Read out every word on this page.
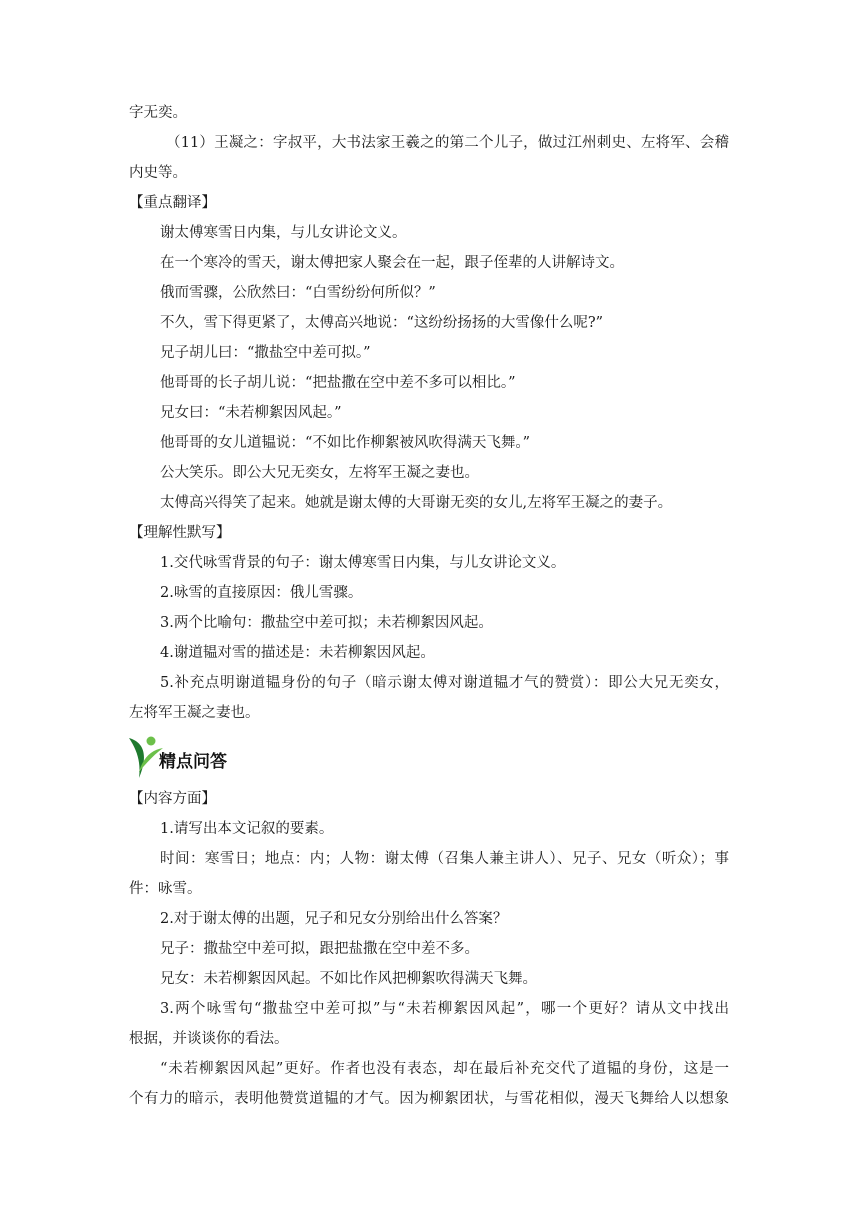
字无奕。
（11）王凝之：字叔平，大书法家王羲之的第二个儿子，做过江州刺史、左将军、会稽
内史等。
【重点翻译】
谢太傅寒雪日内集，与儿女讲论文义。
在一个寒冷的雪天，谢太傅把家人聚会在一起，跟子侄辈的人讲解诗文。
俄而雪骤，公欣然曰：“白雪纷纷何所似？”
不久，雪下得更紧了，太傅高兴地说：“这纷纷扬扬的大雪像什么呢?”
兄子胡儿曰：“撒盐空中差可拟。”
他哥哥的长子胡儿说：“把盐撒在空中差不多可以相比。”
兄女曰：“未若柳絮因风起。”
他哥哥的女儿道韫说：“不如比作柳絮被风吹得满天飞舞。”
公大笑乐。即公大兄无奕女，左将军王凝之妻也。
太傅高兴得笑了起来。她就是谢太傅的大哥谢无奕的女儿,左将军王凝之的妻子。
【理解性默写】
1.交代咏雪背景的句子：谢太傅寒雪日内集，与儿女讲论文义。
2.咏雪的直接原因：俄儿雪骤。
3.两个比喻句：撒盐空中差可拟；未若柳絮因风起。
4.谢道韫对雪的描述是：未若柳絮因风起。
5.补充点明谢道韫身份的句子（暗示谢太傅对谢道韫才气的赞赏）：即公大兄无奕女，
左将军王凝之妻也。
精点问答
【内容方面】
1.请写出本文记叙的要素。
时间：寒雪日；地点：内；人物：谢太傅（召集人兼主讲人）、兄子、兄女（听众）；事
件：咏雪。
2.对于谢太傅的出题，兄子和兄女分别给出什么答案？
兄子：撒盐空中差可拟，跟把盐撒在空中差不多。
兄女：未若柳絮因风起。不如比作风把柳絮吹得满天飞舞。
3.两个咏雪句“撒盐空中差可拟”与“未若柳絮因风起”，哪一个更好？请从文中找出
根据，并谈谈你的看法。
“未若柳絮因风起”更好。作者也没有表态，却在最后补充交代了道韫的身份，这是一
个有力的暗示，表明他赞赏道韫的才气。因为柳絮团状，与雪花相似，漫天飞舞给人以想象
